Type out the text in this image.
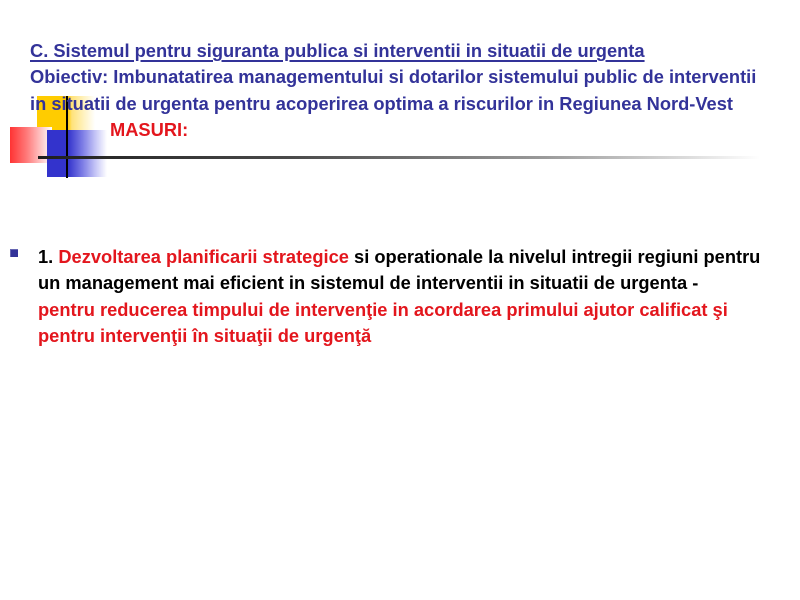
C. Sistemul pentru siguranta publica si interventii in situatii de urgenta
Obiectiv: Imbunatatirea managementului si dotarilor sistemului public de interventii
in situatii de urgenta pentru acoperirea optima a riscurilor in Regiunea Nord-Vest
MASURI:
1. Dezvoltarea planificarii strategice si operationale la nivelul intregii regiuni pentru
un management mai eficient in sistemul de interventii in situatii de urgenta -
pentru reducerea timpului de intervenţie in acordarea primului ajutor calificat şi
pentru intervenţii în situaţii de urgenţă
